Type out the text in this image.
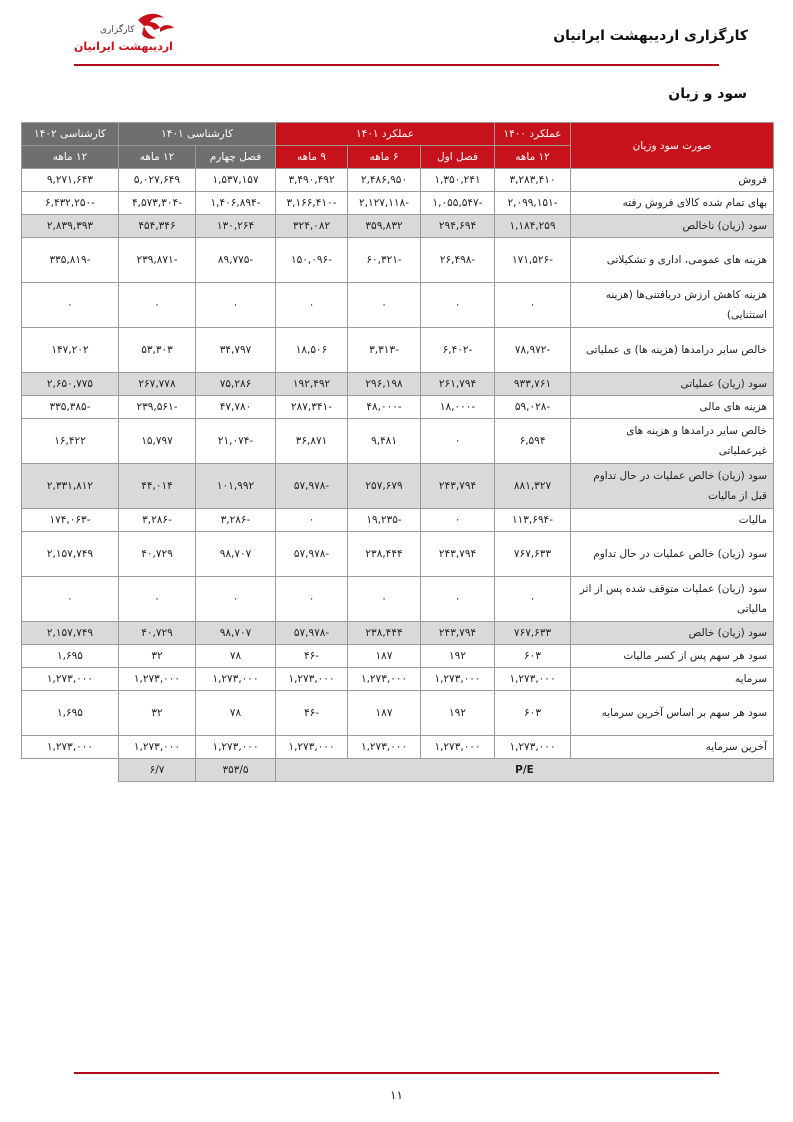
کارگزاری
اردیبهشت ایرانیان
کارگزاری اردیبهشت ایرانیان
سود و زیان
صورت سود وزیان	عملکرد ۱۴۰۰	عملکرد ۱۴۰۱			کارشناسی ۱۴۰۱		کارشناسی ۱۴۰۲
	۱۲ ماهه	فصل اول	۶ ماهه	۹ ماهه	فصل چهارم	۱۲ ماهه	۱۲ ماهه
فروش	۳,۲۸۳,۴۱۰	۱,۳۵۰,۲۴۱	۲,۴۸۶,۹۵۰	۳,۴۹۰,۴۹۲	۱,۵۳۷,۱۵۷	۵,۰۲۷,۶۴۹	۹,۲۷۱,۶۴۳
بهای تمام شده کالای فروش رفته	-۲,۰۹۹,۱۵۱	-۱,۰۵۵,۵۴۷	-۲,۱۲۷,۱۱۸	-۳,۱۶۶,۴۱۰	-۱,۴۰۶,۸۹۴	-۴,۵۷۳,۳۰۴	-۶,۴۳۲,۲۵۰
سود (زیان) ناخالص	۱,۱۸۴,۲۵۹	۲۹۴,۶۹۴	۳۵۹,۸۳۲	۳۲۴,۰۸۲	۱۳۰,۲۶۴	۴۵۴,۳۴۶	۲,۸۳۹,۳۹۳
هزینه های عمومی، اداری و تشکیلاتی	-۱۷۱,۵۲۶	-۲۶,۴۹۸	-۶۰,۳۲۱	-۱۵۰,۰۹۶	-۸۹,۷۷۵	-۲۳۹,۸۷۱	-۳۳۵,۸۱۹
هزینه کاهش ارزش دریافتنی‌ها (هزینه استثنایی)	۰	۰	۰	۰	۰	۰	۰
خالص سایر درامدها (هزینه ها) ی عملیاتی	-۷۸,۹۷۲	-۶,۴۰۲	-۳,۳۱۳	۱۸,۵۰۶	۳۴,۷۹۷	۵۳,۳۰۳	۱۴۷,۲۰۲
سود (زیان) عملیاتی	۹۳۳,۷۶۱	۲۶۱,۷۹۴	۲۹۶,۱۹۸	۱۹۲,۴۹۲	۷۵,۲۸۶	۲۶۷,۷۷۸	۲,۶۵۰,۷۷۵
هزینه های مالی	-۵۹,۰۲۸	-۱۸,۰۰۰	-۴۸,۰۰۰	-۲۸۷,۳۴۱	۴۷,۷۸۰	-۲۳۹,۵۶۱	-۳۳۵,۳۸۵
خالص سایر درامدها و هزینه های غیرعملیاتی	۶,۵۹۴	۰	۹,۴۸۱	۳۶,۸۷۱	-۲۱,۰۷۴	۱۵,۷۹۷	۱۶,۴۲۲
سود (زیان) خالص عملیات در حال تداوم قبل از مالیات	۸۸۱,۳۲۷	۲۴۳,۷۹۴	۲۵۷,۶۷۹	-۵۷,۹۷۸	۱۰۱,۹۹۲	۴۴,۰۱۴	۲,۳۳۱,۸۱۲
مالیات	-۱۱۳,۶۹۴	۰	-۱۹,۲۳۵	۰	-۳,۲۸۶	-۳,۲۸۶	-۱۷۴,۰۶۳
سود (زیان) خالص عملیات در حال تداوم	۷۶۷,۶۳۳	۲۴۳,۷۹۴	۲۳۸,۴۴۴	-۵۷,۹۷۸	۹۸,۷۰۷	۴۰,۷۲۹	۲,۱۵۷,۷۴۹
سود (زیان) عملیات متوقف شده پس از اثر مالیاتی	۰	۰	۰	۰	۰	۰	۰
سود (زیان) خالص	۷۶۷,۶۳۳	۲۴۳,۷۹۴	۲۳۸,۴۴۴	-۵۷,۹۷۸	۹۸,۷۰۷	۴۰,۷۲۹	۲,۱۵۷,۷۴۹
سود هر سهم پس از کسر مالیات	۶۰۳	۱۹۲	۱۸۷	-۴۶	۷۸	۳۲	۱,۶۹۵
سرمایه	۱,۲۷۳,۰۰۰	۱,۲۷۳,۰۰۰	۱,۲۷۳,۰۰۰	۱,۲۷۳,۰۰۰	۱,۲۷۳,۰۰۰	۱,۲۷۳,۰۰۰	۱,۲۷۳,۰۰۰
سود هر سهم بر اساس آخرین سرمایه	۶۰۳	۱۹۲	۱۸۷	-۴۶	۷۸	۳۲	۱,۶۹۵
آخرین سرمایه	۱,۲۷۳,۰۰۰	۱,۲۷۳,۰۰۰	۱,۲۷۳,۰۰۰	۱,۲۷۳,۰۰۰	۱,۲۷۳,۰۰۰	۱,۲۷۳,۰۰۰	۱,۲۷۳,۰۰۰
P/E					۳۵۳/۵	۶/۷	
۱۱
